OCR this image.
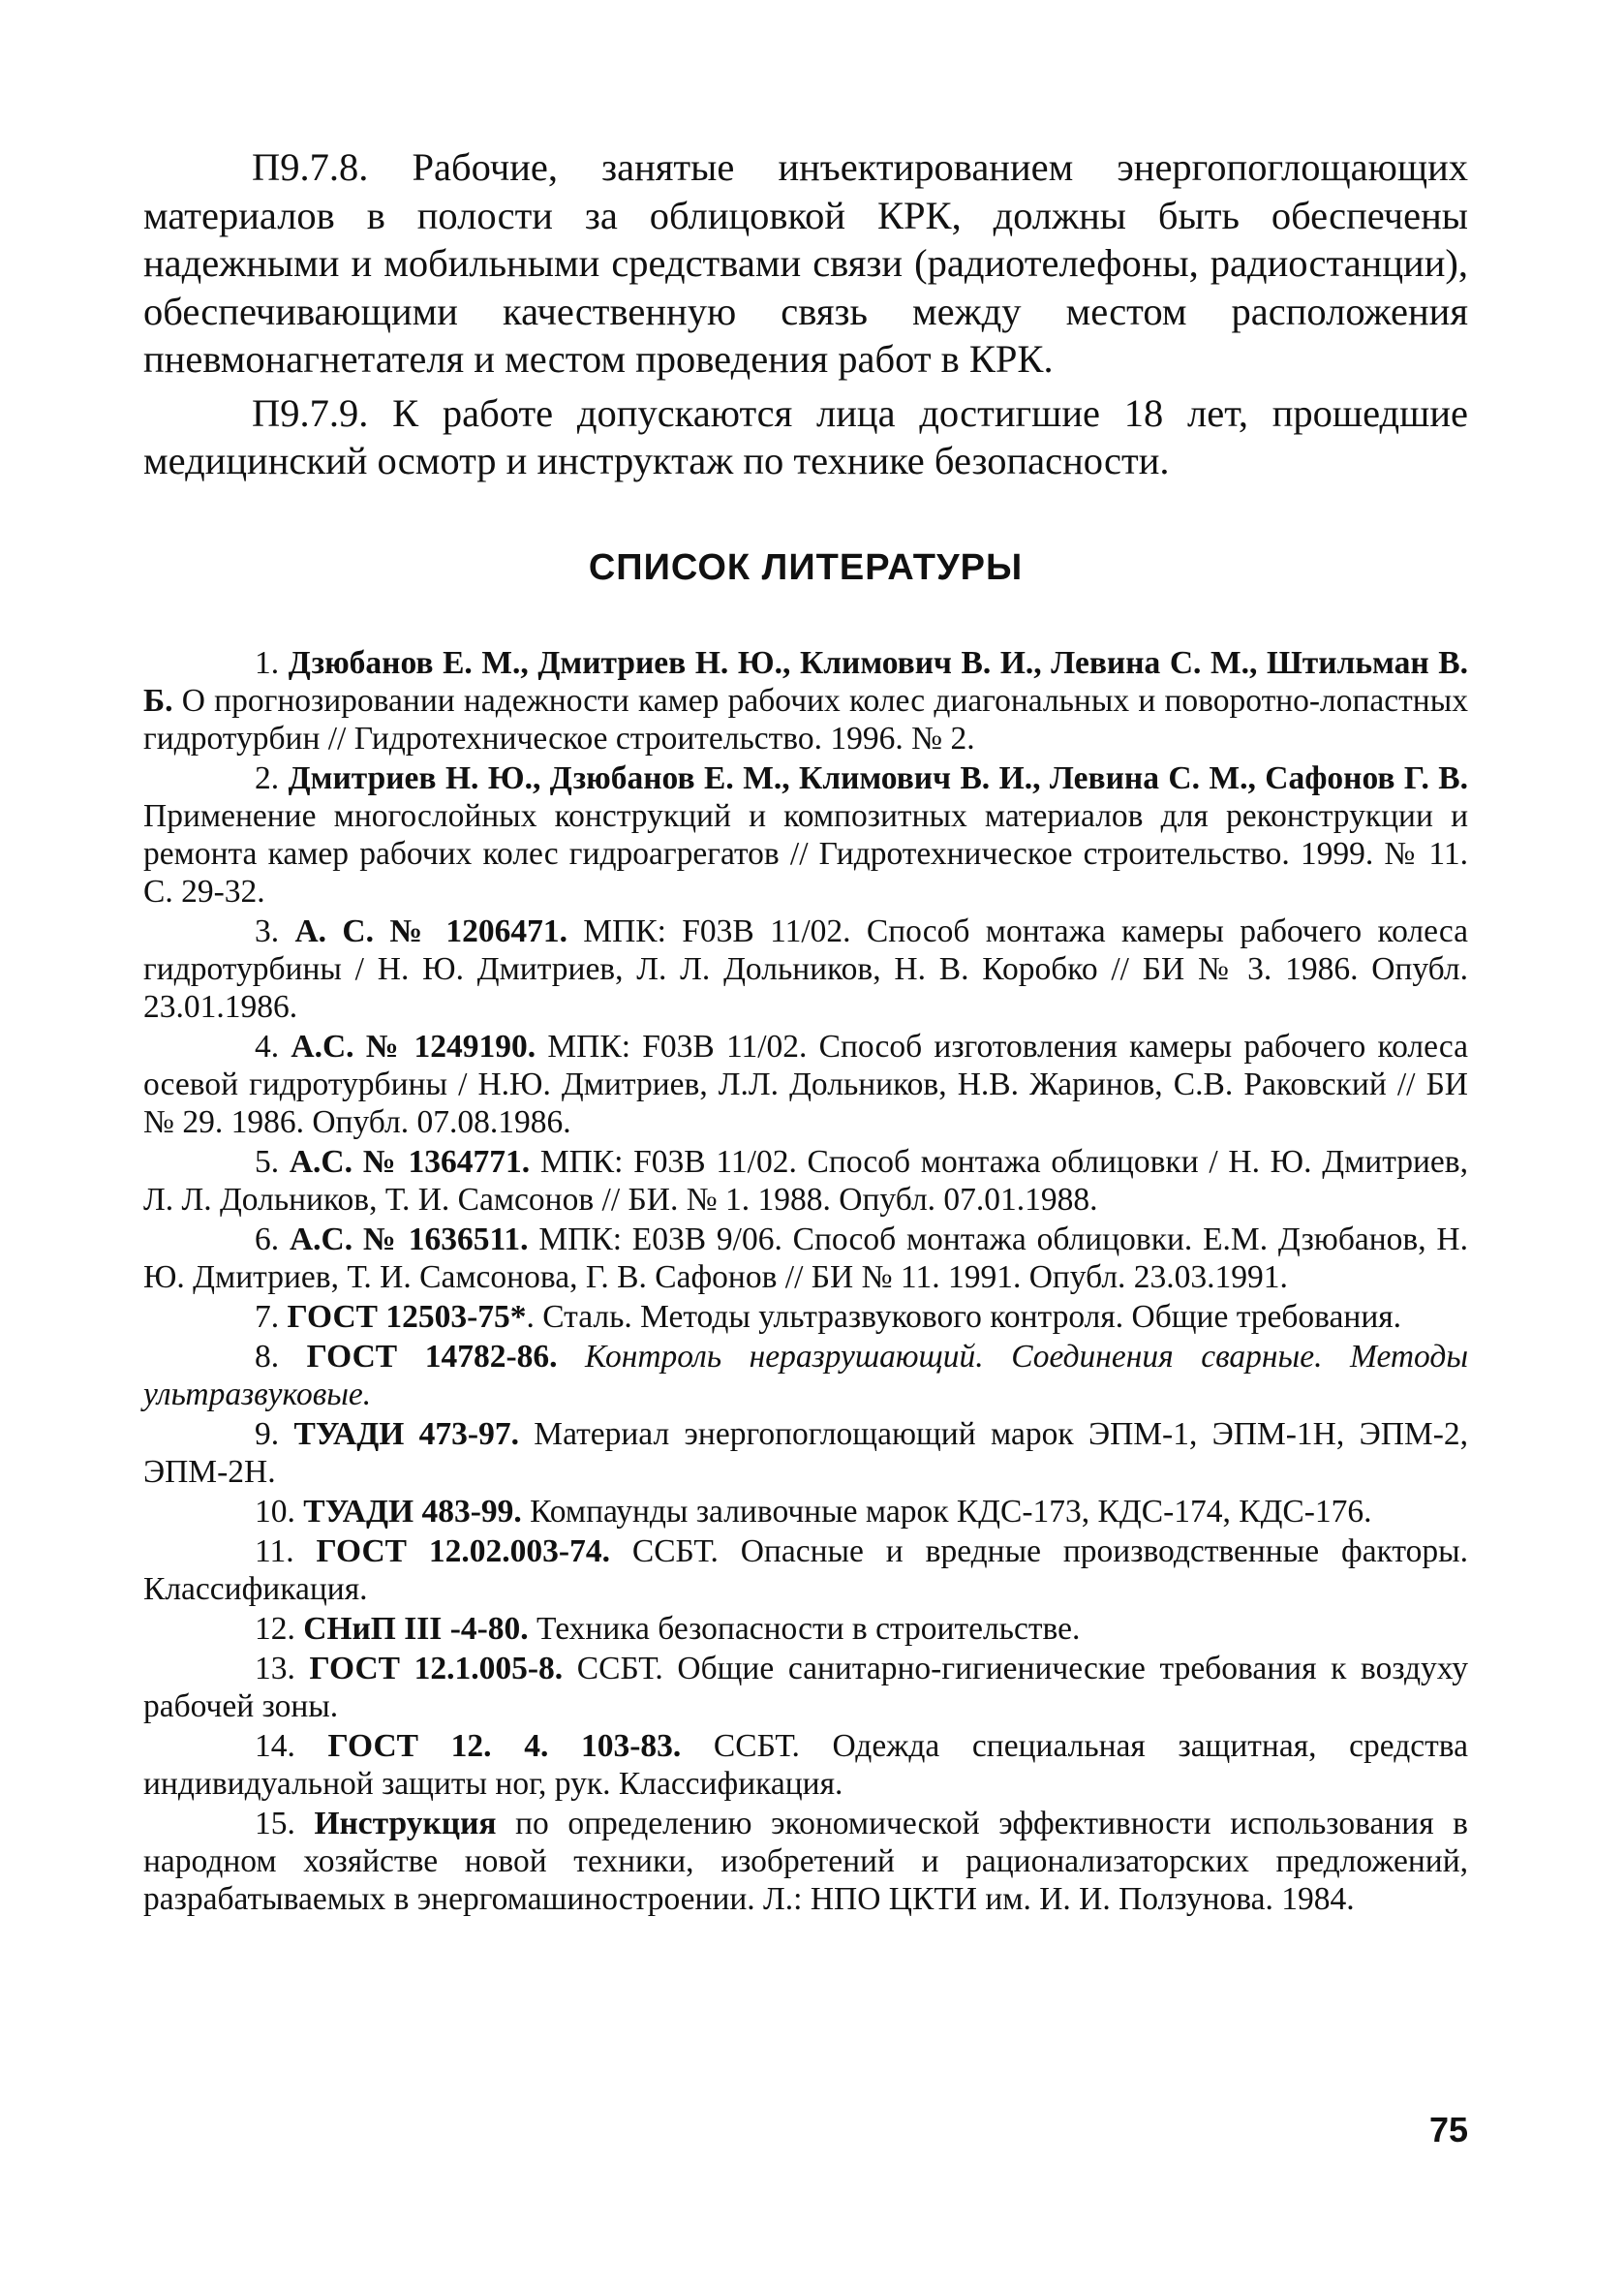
П9.7.8. Рабочие, занятые инъектированием энергопоглощающих материалов в полости за облицовкой КРК, должны быть обеспечены надежными и мобильными средствами связи (радиотелефоны, радиостанции), обеспечивающими качественную связь между местом расположения пневмонагнетателя и местом проведения работ в КРК.

П9.7.9. К работе допускаются лица достигшие 18 лет, прошедшие медицинский осмотр и инструктаж по технике безопасности.

СПИСОК ЛИТЕРАТУРЫ
1. Дзюбанов Е. М., Дмитриев Н. Ю., Климович В. И., Левина С. М., Штильман В. Б. О прогнозировании надежности камер рабочих колес диагональных и поворотно-лопастных гидротурбин // Гидротехническое строительство. 1996. № 2.
2. Дмитриев Н. Ю., Дзюбанов Е. М., Климович В. И., Левина С. М., Сафонов Г. В. Применение многослойных конструкций и композитных материалов для реконструкции и ремонта камер рабочих колес гидроагрегатов // Гидротехническое строительство. 1999. № 11. С. 29-32.
3. А. С. № 1206471. МПК: F03B 11/02. Способ монтажа камеры рабочего колеса гидротурбины / Н. Ю. Дмитриев, Л. Л. Дольников, Н. В. Коробко // БИ № 3. 1986. Опубл. 23.01.1986.
4. А.С. № 1249190. МПК: F03B 11/02. Способ изготовления камеры рабочего колеса осевой гидротурбины / Н.Ю. Дмитриев, Л.Л. Дольников, Н.В. Жаринов, С.В. Раковский // БИ № 29. 1986. Опубл. 07.08.1986.
5. А.С. № 1364771. МПК: F03B 11/02. Способ монтажа облицовки / Н. Ю. Дмитриев, Л. Л. Дольников, Т. И. Самсонов // БИ. № 1. 1988. Опубл. 07.01.1988.
6. А.С. № 1636511. МПК: E03B 9/06. Способ монтажа облицовки. Е.М. Дзюбанов, Н. Ю. Дмитриев, Т. И. Самсонова, Г. В. Сафонов // БИ № 11. 1991. Опубл. 23.03.1991.
7. ГОСТ 12503-75*. Сталь. Методы ультразвукового контроля. Общие требования.
8. ГОСТ 14782-86. Контроль неразрушающий. Соединения сварные. Методы ультразвуковые.
9. ТУАДИ 473-97. Материал энергопоглощающий марок ЭПМ-1, ЭПМ-1Н, ЭПМ-2, ЭПМ-2Н.
10. ТУАДИ 483-99. Компаунды заливочные марок КДС-173, КДС-174, КДС-176.
11. ГОСТ 12.02.003-74. ССБТ. Опасные и вредные производственные факторы. Классификация.
12. СНиП III -4-80. Техника безопасности в строительстве.
13. ГОСТ 12.1.005-8. ССБТ. Общие санитарно-гигиенические требования к воздуху рабочей зоны.
14. ГОСТ 12. 4. 103-83. ССБТ. Одежда специальная защитная, средства индивидуальной защиты ног, рук. Классификация.
15. Инструкция по определению экономической эффективности использования в народном хозяйстве новой техники, изобретений и рационализаторских предложений, разрабатываемых в энергомашиностроении. Л.: НПО ЦКТИ им. И. И. Ползунова. 1984.
75
